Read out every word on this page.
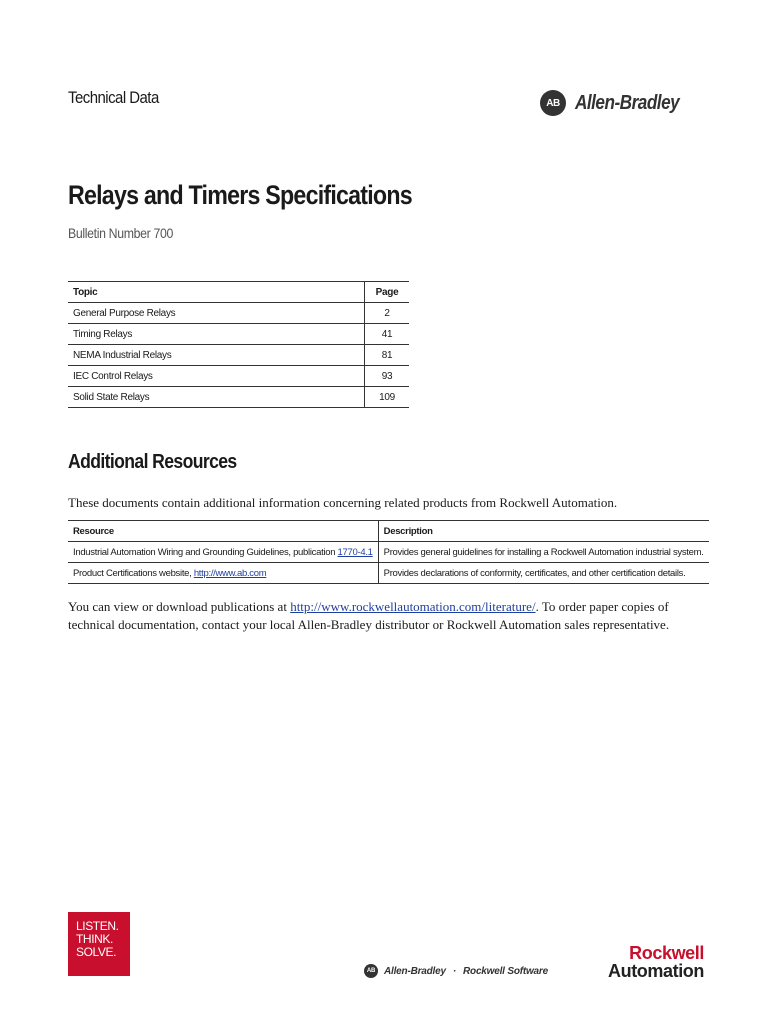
Technical Data	AB Allen-Bradley
Relays and Timers Specifications
Bulletin Number 700
Topic	Page
General Purpose Relays	2
Timing Relays	41
NEMA Industrial Relays	81
IEC Control Relays	93
Solid State Relays	109
Additional Resources
These documents contain additional information concerning related products from Rockwell Automation.
Resource	Description
Industrial Automation Wiring and Grounding Guidelines, publication 1770-4.1	Provides general guidelines for installing a Rockwell Automation industrial system.
Product Certifications website, http://www.ab.com	Provides declarations of conformity, certificates, and other certification details.
You can view or download publications at http://www.rockwellautomation.com/literature/. To order paper copies of technical documentation, contact your local Allen-Bradley distributor or Rockwell Automation sales representative.
LISTEN.
THINK.
SOLVE.
AB Allen-Bradley · Rockwell Software
Rockwell
Automation
